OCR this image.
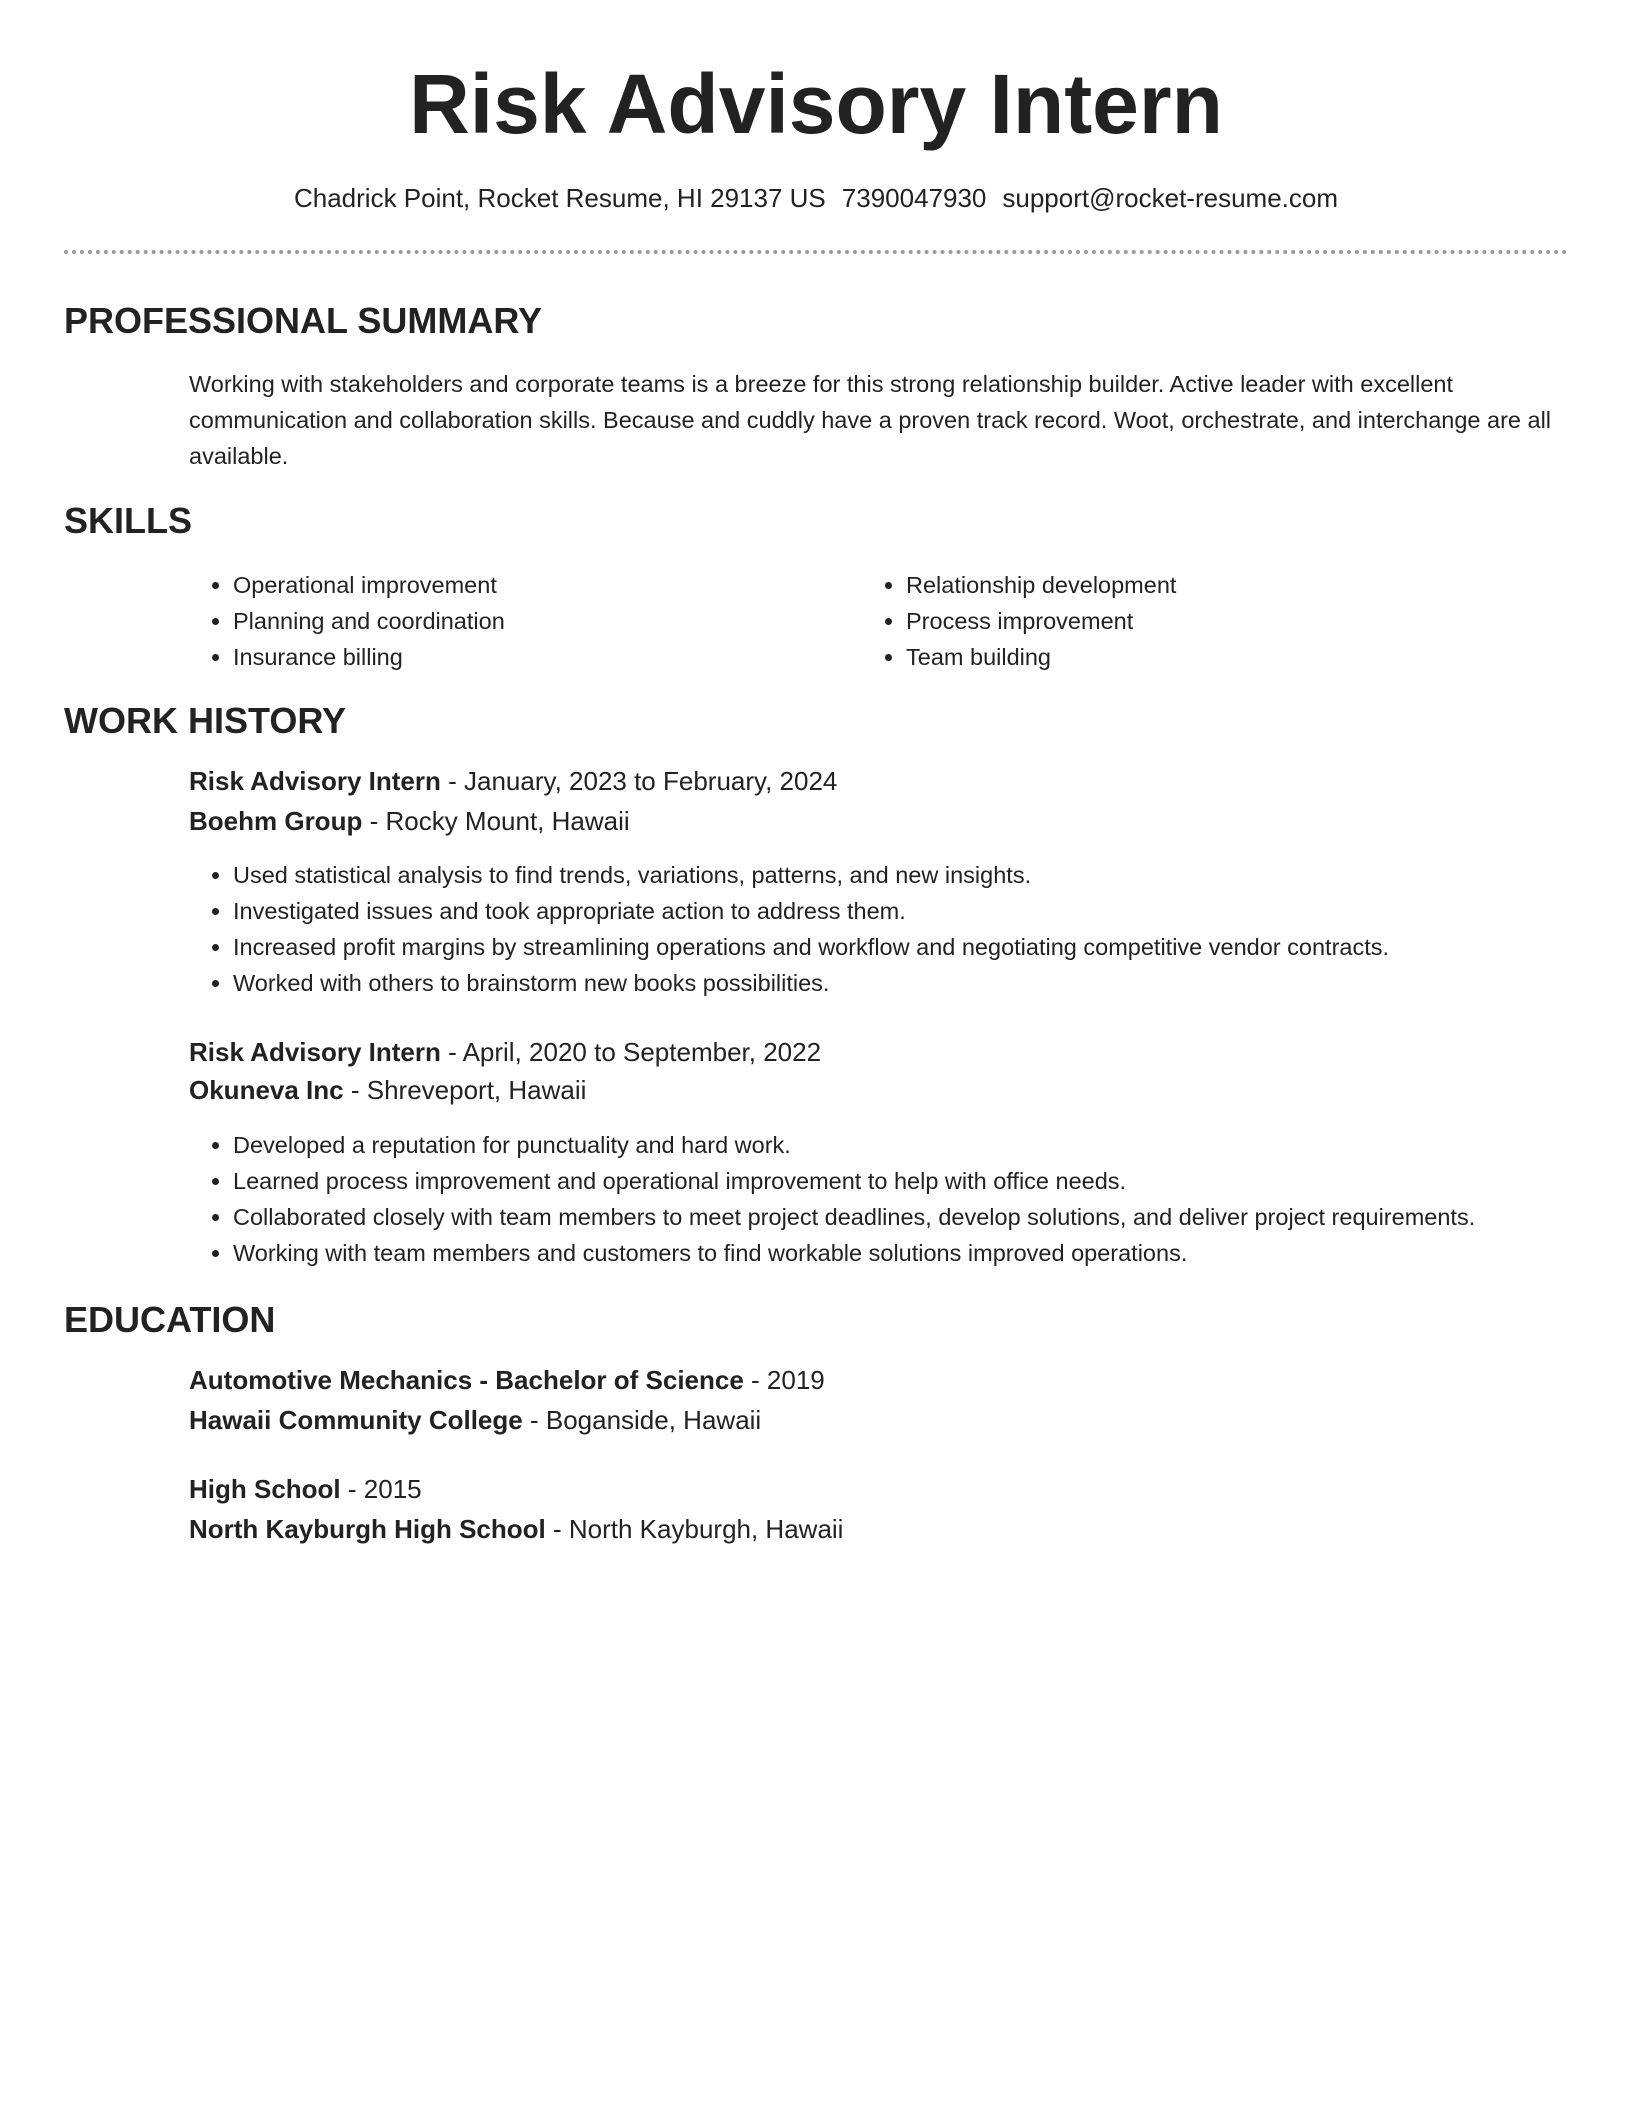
Risk Advisory Intern
Chadrick Point, Rocket Resume, HI 29137 US 7390047930 support@rocket-resume.com
PROFESSIONAL SUMMARY
Working with stakeholders and corporate teams is a breeze for this strong relationship builder. Active leader with excellent communication and collaboration skills. Because and cuddly have a proven track record. Woot, orchestrate, and interchange are all available.
SKILLS
• Operational improvement
• Planning and coordination
• Insurance billing
• Relationship development
• Process improvement
• Team building
WORK HISTORY
Risk Advisory Intern - January, 2023 to February, 2024
Boehm Group - Rocky Mount, Hawaii
• Used statistical analysis to find trends, variations, patterns, and new insights.
• Investigated issues and took appropriate action to address them.
• Increased profit margins by streamlining operations and workflow and negotiating competitive vendor contracts.
• Worked with others to brainstorm new books possibilities.
Risk Advisory Intern - April, 2020 to September, 2022
Okuneva Inc - Shreveport, Hawaii
• Developed a reputation for punctuality and hard work.
• Learned process improvement and operational improvement to help with office needs.
• Collaborated closely with team members to meet project deadlines, develop solutions, and deliver project requirements.
• Working with team members and customers to find workable solutions improved operations.
EDUCATION
Automotive Mechanics - Bachelor of Science - 2019
Hawaii Community College - Boganside, Hawaii
High School - 2015
North Kayburgh High School - North Kayburgh, Hawaii
